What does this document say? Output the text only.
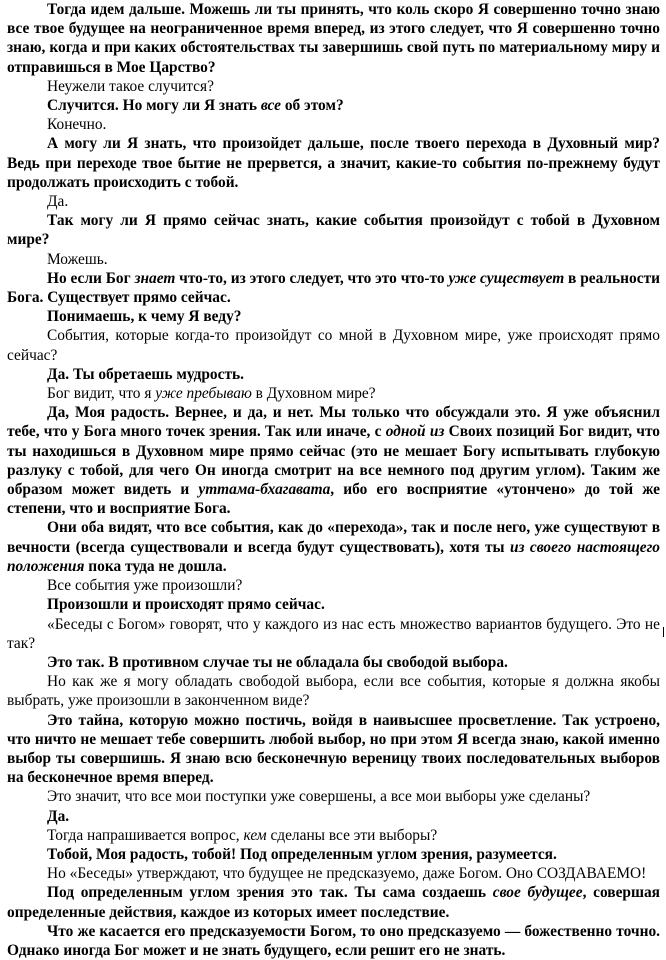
Тогда идем дальше. Можешь ли ты принять, что коль скоро Я совершенно точно знаю все твое будущее на неограниченное время вперед, из этого следует, что Я совершенно точно знаю, когда и при каких обстоятельствах ты завершишь свой путь по материальному миру и отправишься в Мое Царство?

Неужели такое случится?

Случится. Но могу ли Я знать все об этом?

Конечно.

А могу ли Я знать, что произойдет дальше, после твоего перехода в Духовный мир? Ведь при переходе твое бытие не прервется, а значит, какие-то события по-прежнему будут продолжать происходить с тобой.

Да.

Так могу ли Я прямо сейчас знать, какие события произойдут с тобой в Духовном мире?

Можешь.

Но если Бог знает что-то, из этого следует, что это что-то уже существует в реальности Бога. Существует прямо сейчас.

Понимаешь, к чему Я веду?

События, которые когда-то произойдут со мной в Духовном мире, уже происходят прямо сейчас?

Да. Ты обретаешь мудрость.

Бог видит, что я уже пребываю в Духовном мире?

Да, Моя радость. Вернее, и да, и нет. Мы только что обсуждали это. Я уже объяснил тебе, что у Бога много точек зрения. Так или иначе, с одной из Своих позиций Бог видит, что ты находишься в Духовном мире прямо сейчас (это не мешает Богу испытывать глубокую разлуку с тобой, для чего Он иногда смотрит на все немного под другим углом). Таким же образом может видеть и уттама-бхагавата, ибо его восприятие «утончено» до той же степени, что и восприятие Бога.

Они оба видят, что все события, как до «перехода», так и после него, уже существуют в вечности (всегда существовали и всегда будут существовать), хотя ты из своего настоящего положения пока туда не дошла.

Все события уже произошли?

Произошли и происходят прямо сейчас.

«Беседы с Богом» говорят, что у каждого из нас есть множество вариантов будущего. Это не так?

Это так. В противном случае ты не обладала бы свободой выбора.

Но как же я могу обладать свободой выбора, если все события, которые я должна якобы выбрать, уже произошли в законченном виде?

Это тайна, которую можно постичь, войдя в наивысшее просветление. Так устроено, что ничто не мешает тебе совершить любой выбор, но при этом Я всегда знаю, какой именно выбор ты совершишь. Я знаю всю бесконечную вереницу твоих последовательных выборов на бесконечное время вперед.

Это значит, что все мои поступки уже совершены, а все мои выборы уже сделаны?

Да.

Тогда напрашивается вопрос, кем сделаны все эти выборы?

Тобой, Моя радость, тобой! Под определенным углом зрения, разумеется.

Но «Беседы» утверждают, что будущее не предсказуемо, даже Богом. Оно СОЗДАВАЕМО!

Под определенным углом зрения это так. Ты сама создаешь свое будущее, совершая определенные действия, каждое из которых имеет последствие.

Что же касается его предсказуемости Богом, то оно предсказуемо — божественно точно. Однако иногда Бог может и не знать будущего, если решит его не знать.
